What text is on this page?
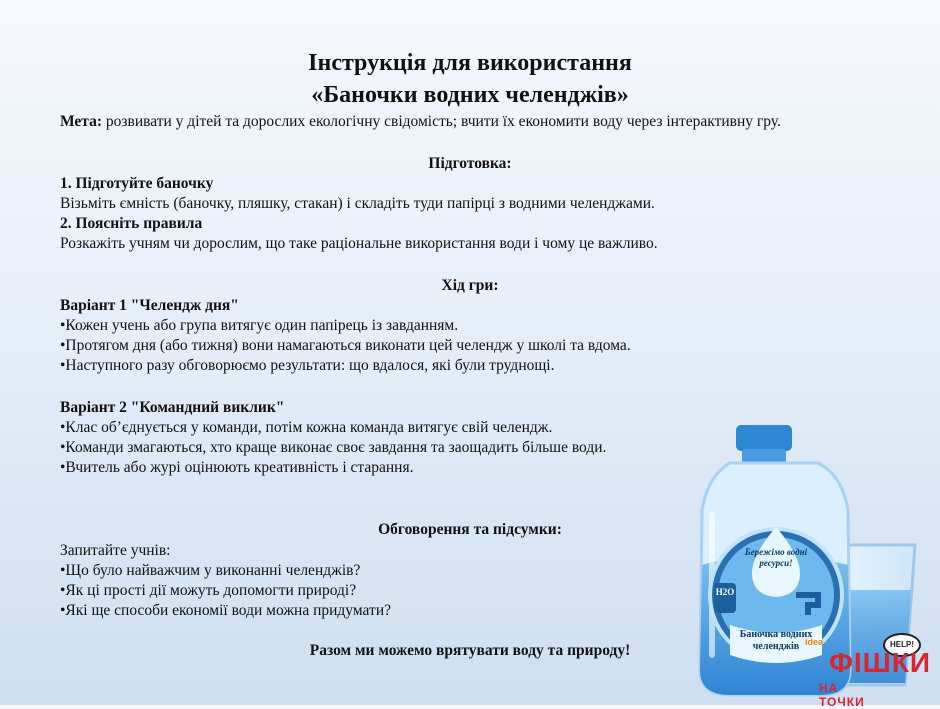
Інструкція для використання
«Баночки водних челенджів»
Мета: розвивати у дітей та дорослих екологічну свідомість; вчити їх економити воду через інтерактивну гру.
Підготовка:
1. Підготуйте баночку
Візьміть ємність (баночку, пляшку, стакан) і складіть туди папірці з водними челенджами.
2. Поясніть правила
Розкажіть учням чи дорослим, що таке раціональне використання води і чому це важливо.
Хід гри:
Варіант 1 "Челендж дня"
•Кожен учень або група витягує один папірець із завданням.
•Протягом дня (або тижня) вони намагаються виконати цей челендж у школі та вдома.
•Наступного разу обговорюємо результати: що вдалося, які були труднощі.
Варіант 2 "Командний виклик"
•Клас об’єднується у команди, потім кожна команда витягує свій челендж.
•Команди змагаються, хто краще виконає своє завдання та заощадить більше води.
•Вчитель або журі оцінюють креативність і старання.
Обговорення та підсумки:
Запитайте учнів:
•Що було найважчим у виконанні челенджів?
•Як ці прості дії можуть допомогти природі?
•Які ще способи економії води можна придумати?
Разом ми можемо врятувати воду та природу!
Бережімо водні ресурси!
H2O
Баночка водних челенджів	HELP!
idea
ФІШКИ
НА ТОЧКИ
